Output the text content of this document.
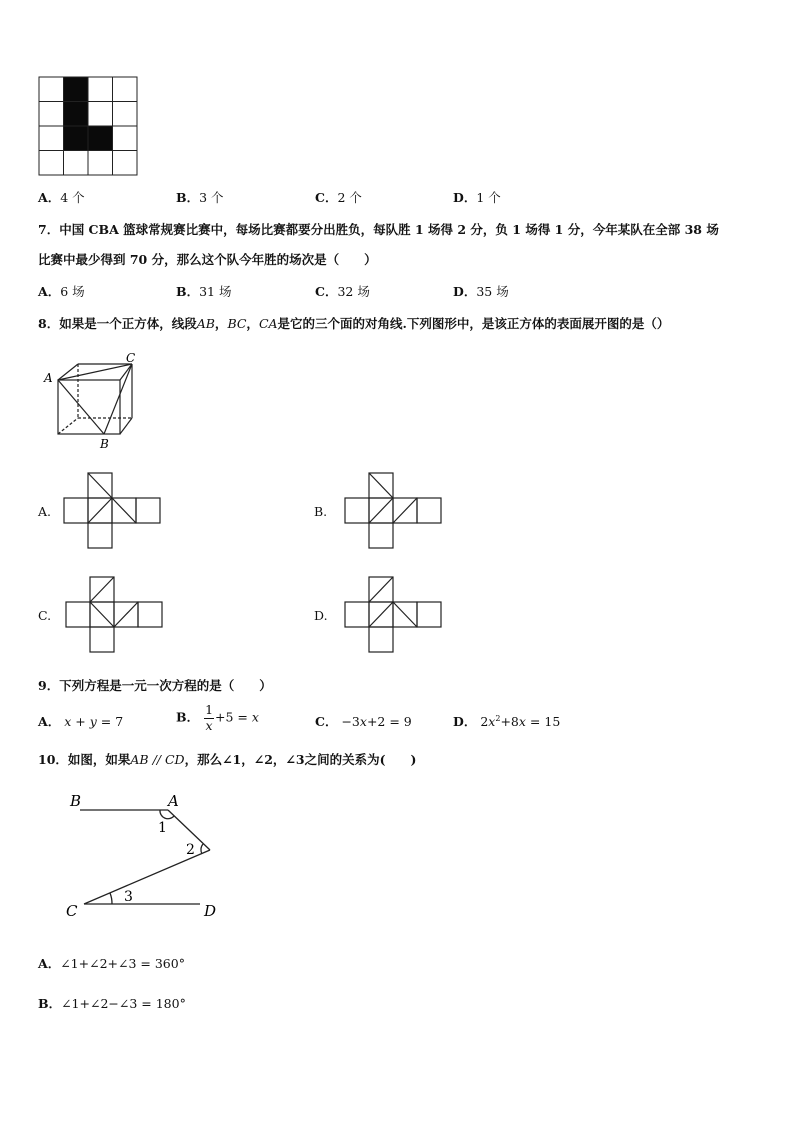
A．4 个	B．3 个	C．2 个	D．1 个
7．中国 CBA 篮球常规赛比赛中，每场比赛都要分出胜负，每队胜 1 场得 2 分，负 1 场得 1 分，今年某队在全部 38 场
比赛中最少得到 70 分，那么这个队今年胜的场次是（　　）
A．6 场	B．31 场	C．32 场	D．35 场
8．如果是一个正方体，线段AB，BC，CA是它的三个面的对角线.下列图形中，是该正方体的表面展开图的是（）
A
B
C
A.	B.
C.	D.
9．下列方程是一元一次方程的是（　　）
A． x + y = 7	B． $\frac{1}{x} +5 = x$	C． −3x+2 = 9	D． $2x^2+8x = 15$
10．如图，如果AB // CD，那么∠1，∠2，∠3之间的关系为(　　)
B	A
C	D
1
2
3
A．∠1+∠2+∠3 = 360°
B．∠1+∠2−∠3 = 180°
